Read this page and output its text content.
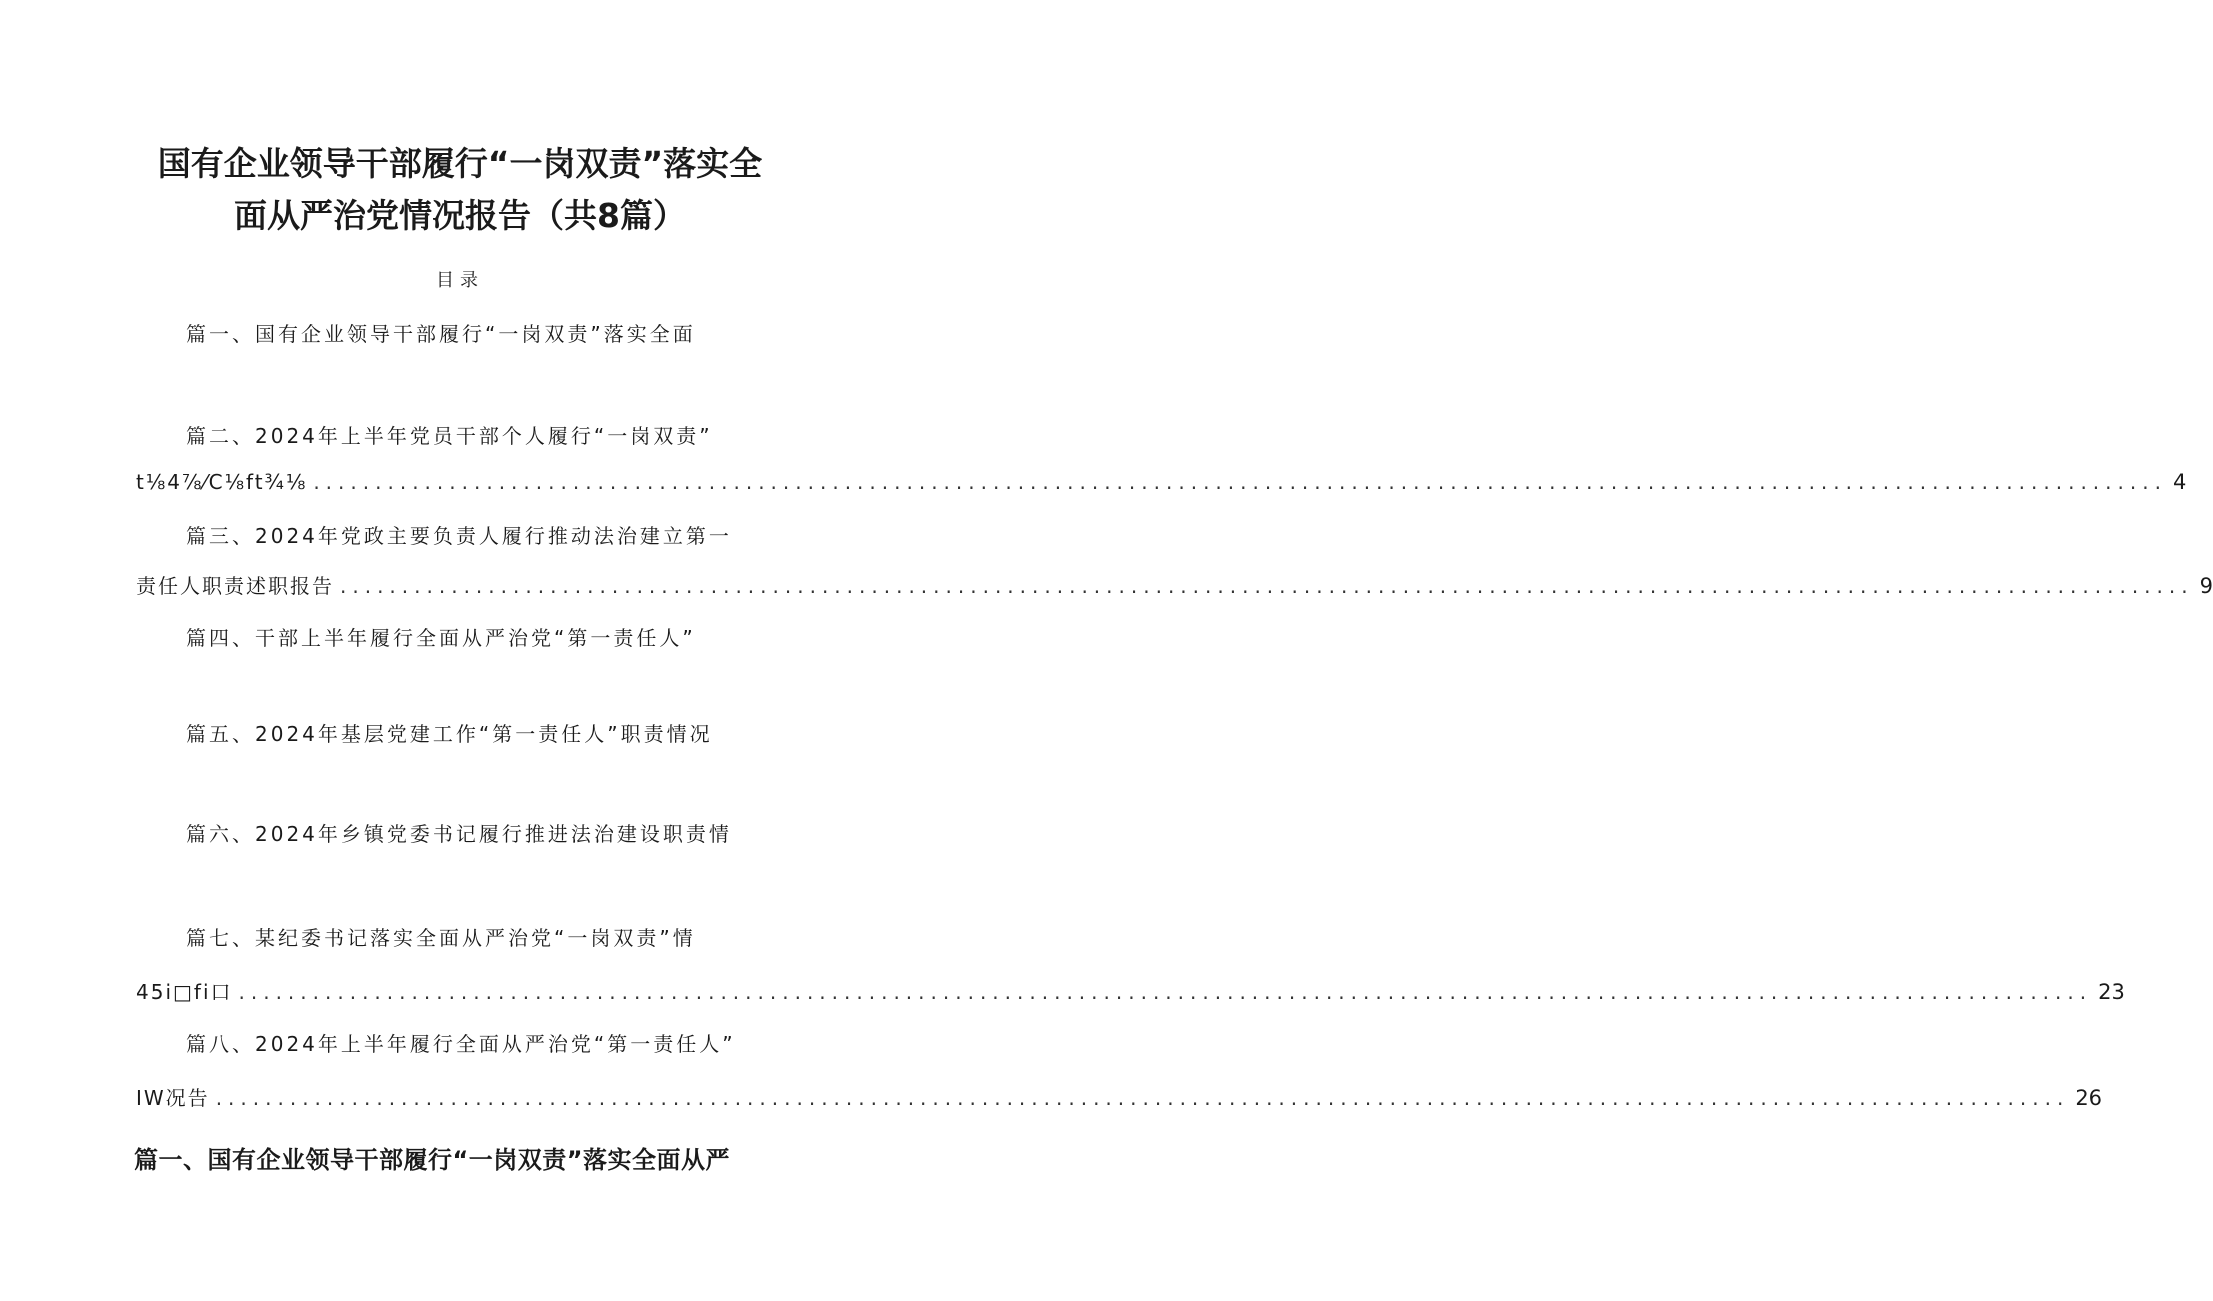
国有企业领导干部履行“一岗双责”落实全
面从严治党情况报告（共8篇）
目录
篇一、国有企业领导干部履行“一岗双责”落实全面
篇二、2024年上半年党员干部个人履行“一岗双责”
t⅛4⅞⁄C⅛ft¾⅛ ...................................................................................................................................................... 4
篇三、2024年党政主要负责人履行推动法治建立第一
责任人职责述职报告 ...................................................................................................................................................... 9
篇四、干部上半年履行全面从严治党“第一责任人”
篇五、2024年基层党建工作“第一责任人”职责情况
篇六、2024年乡镇党委书记履行推进法治建设职责情
篇七、某纪委书记落实全面从严治党“一岗双责”情
45i□fi口 ...................................................................................................................................................... 23
篇八、2024年上半年履行全面从严治党“第一责任人”
IW况告 ...................................................................................................................................................... 26
篇一、国有企业领导干部履行“一岗双责”落实全面从严
